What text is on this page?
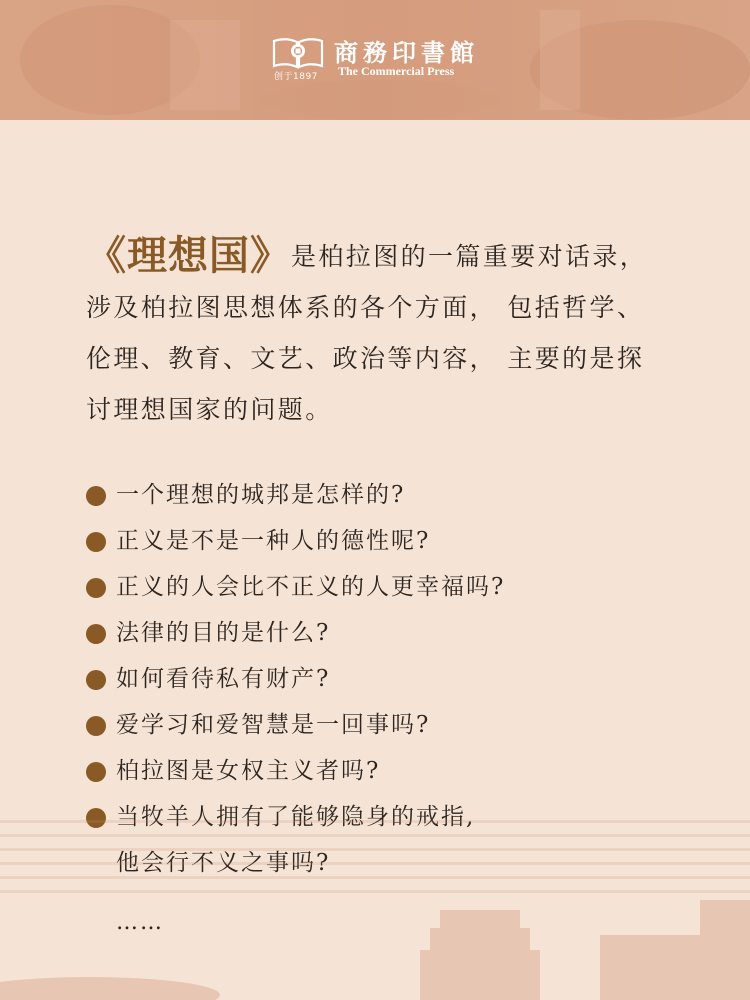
创于1897
商務印書館
The Commercial Press
《理想国》是柏拉图的一篇重要对话录， 涉及柏拉图思想体系的各个方面， 包括哲学、伦理、教育、文艺、政治等内容， 主要的是探讨理想国家的问题。
一个理想的城邦是怎样的?
正义是不是一种人的德性呢?
正义的人会比不正义的人更幸福吗?
法律的目的是什么?
如何看待私有财产?
爱学习和爱智慧是一回事吗?
柏拉图是女权主义者吗?
当牧羊人拥有了能够隐身的戒指,
他会行不义之事吗?
……
